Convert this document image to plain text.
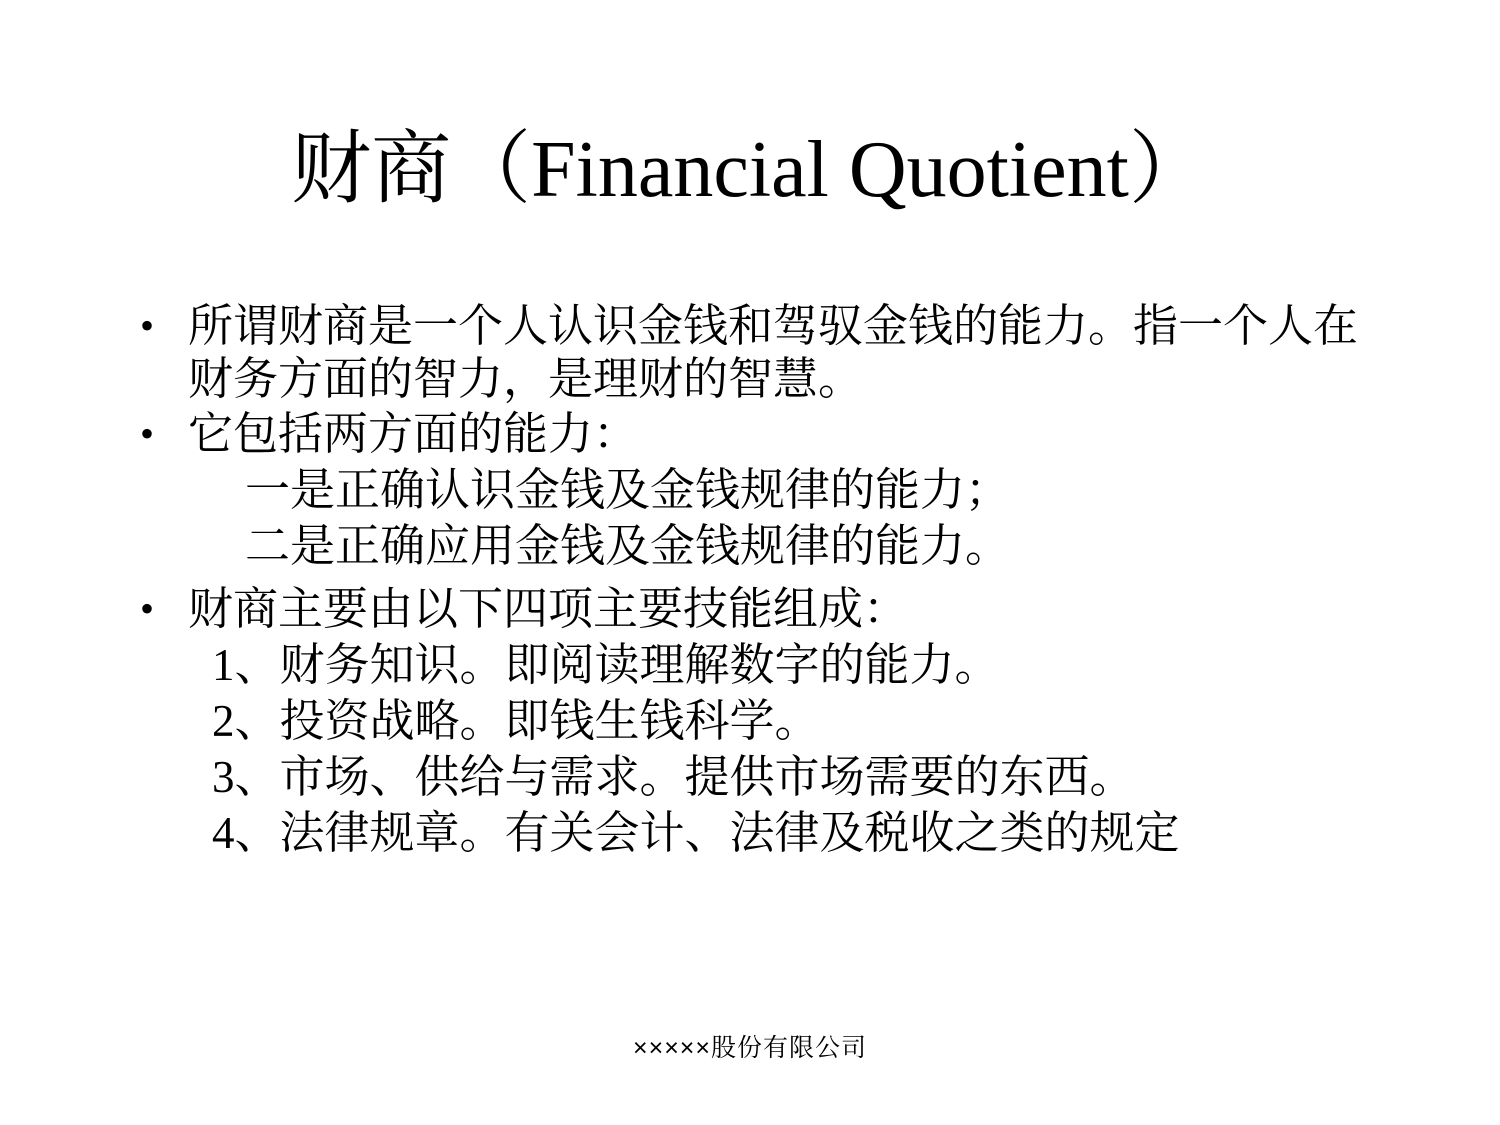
财商（Financial Quotient）
• 所谓财商是一个人认识金钱和驾驭金钱的能力。指一个人在财务方面的智力，是理财的智慧。
• 它包括两方面的能力：
一是正确认识金钱及金钱规律的能力；
二是正确应用金钱及金钱规律的能力。
• 财商主要由以下四项主要技能组成：
1、财务知识。即阅读理解数字的能力。
2、投资战略。即钱生钱科学。
3、市场、供给与需求。提供市场需要的东西。
4、法律规章。有关会计、法律及税收之类的规定
×××××股份有限公司
